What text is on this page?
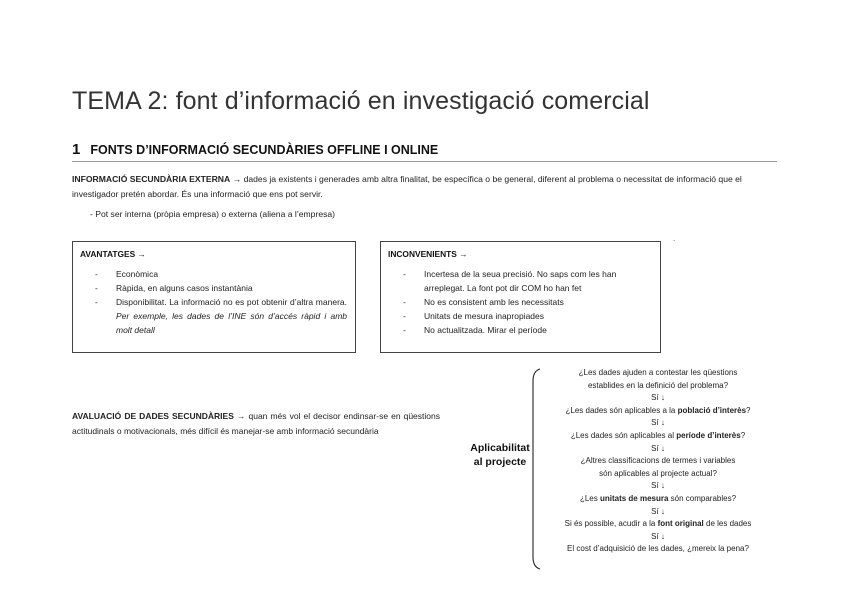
TEMA 2: font d’informació en investigació comercial
1 FONTS D’INFORMACIÓ SECUNDÀRIES OFFLINE I ONLINE
INFORMACIÓ SECUNDÀRIA EXTERNA → dades ja existents i generades amb altra finalitat, be específica o be general, diferent al problema o necessitat de informació que el investigador pretén abordar. És una informació que ens pot servir.
- Pot ser interna (pròpia empresa) o externa (aliena a l’empresa)
AVANTATGES →
- Econòmica
- Ràpida, en alguns casos instantània
- Disponibilitat. La informació no es pot obtenir d’altra manera. Per exemple, les dades de l’INE són d’accés ràpid i amb molt detall
INCONVENIENTS →
- Incertesa de la seua precisió. No saps com les han arreplegat. La font pot dir COM ho han fet
- No es consistent amb les necessitats
- Unitats de mesura inapropiades
- No actualitzada. Mirar el període
.
AVALUACIÓ DE DADES SECUNDÀRIES → quan més vol el decisor endinsar-se en qüestions actitudinals o motivacionals, més difícil és manejar-se amb informació secundària
Aplicabilitat
al projecte
¿Les dades ajuden a contestar les qüestions
establides en la definició del problema?
Sí ↓
¿Les dades són aplicables a la població d’interès?
Sí ↓
¿Les dades són aplicables al període d’interès?
Sí ↓
¿Altres classificacions de termes i variables
són aplicables al projecte actual?
Sí ↓
¿Les unitats de mesura són comparables?
Sí ↓
Si és possible, acudir a la font original de les dades
Sí ↓
El cost d’adquisició de les dades, ¿mereix la pena?
